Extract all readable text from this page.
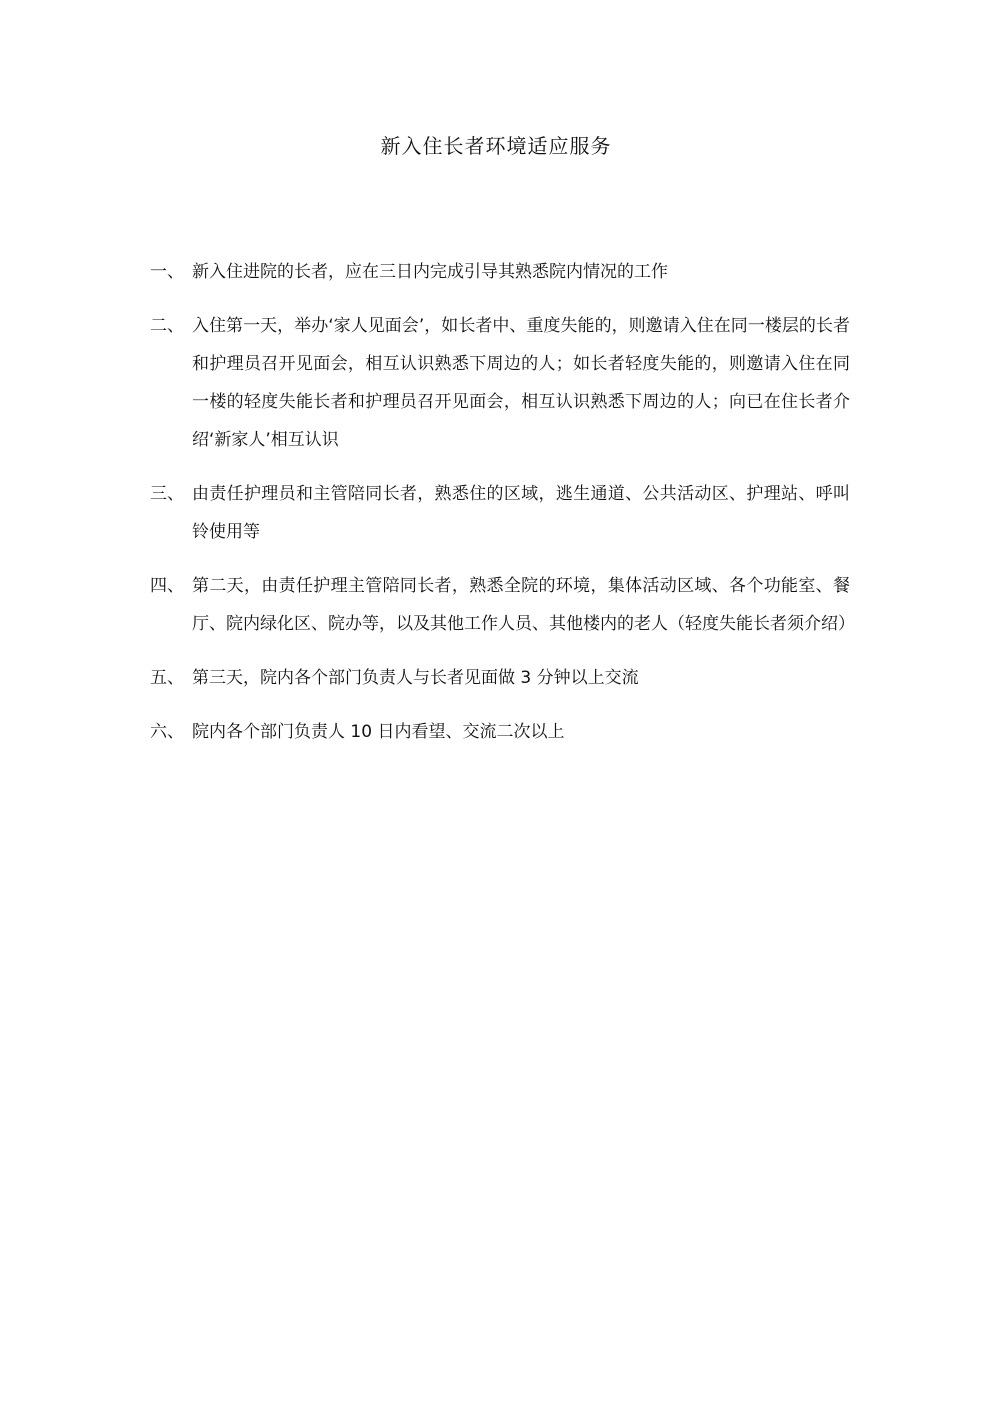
新入住长者环境适应服务
一、 新入住进院的长者，应在三日内完成引导其熟悉院内情况的工作
二、 入住第一天，举办‘家人见面会’，如长者中、重度失能的，则邀请入住在同一楼层的长者和护理员召开见面会，相互认识熟悉下周边的人；如长者轻度失能的，则邀请入住在同一楼的轻度失能长者和护理员召开见面会，相互认识熟悉下周边的人；向已在住长者介绍‘新家人’相互认识
三、 由责任护理员和主管陪同长者，熟悉住的区域，逃生通道、公共活动区、护理站、呼叫铃使用等
四、 第二天，由责任护理主管陪同长者，熟悉全院的环境，集体活动区域、各个功能室、餐厅、院内绿化区、院办等，以及其他工作人员、其他楼内的老人（轻度失能长者须介绍）
五、 第三天，院内各个部门负责人与长者见面做 3 分钟以上交流
六、 院内各个部门负责人 10 日内看望、交流二次以上
